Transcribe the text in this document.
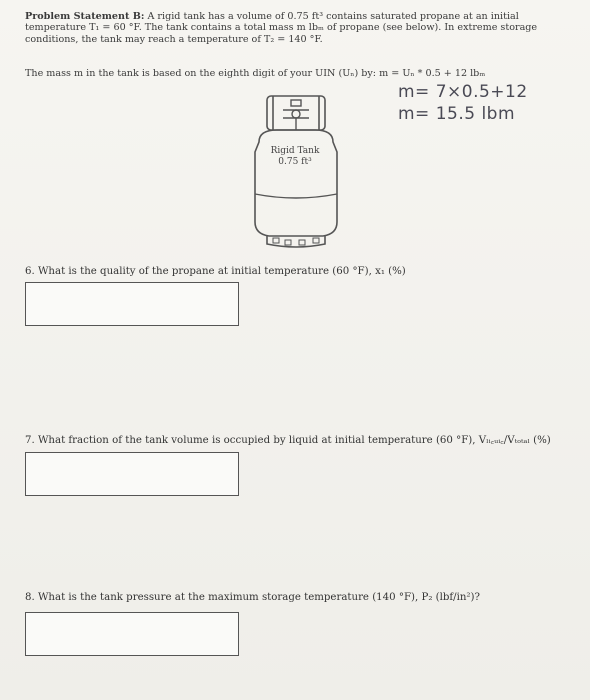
Problem Statement B: A rigid tank has a volume of 0.75 ft³ contains saturated propane at an initial
temperature T₁ = 60 °F. The tank contains a total mass m lbₘ of propane (see below). In extreme storage
conditions, the tank may reach a temperature of T₂ = 140 °F.
The mass m in the tank is based on the eighth digit of your UIN (Uₙ) by: m = Uₙ * 0.5 + 12 lbₘ
m= 7×0.5+12
m= 15.5 lbm
Rigid Tank
0.75 ft³
6. What is the quality of the propane at initial temperature (60 °F), x₁ (%)
7. What fraction of the tank volume is occupied by liquid at initial temperature (60 °F), Vₗᵢ꜀ᵤᵢ꜀/Vₜₒₜₐₗ (%)
8. What is the tank pressure at the maximum storage temperature (140 °F), P₂ (lbf/in²)?
